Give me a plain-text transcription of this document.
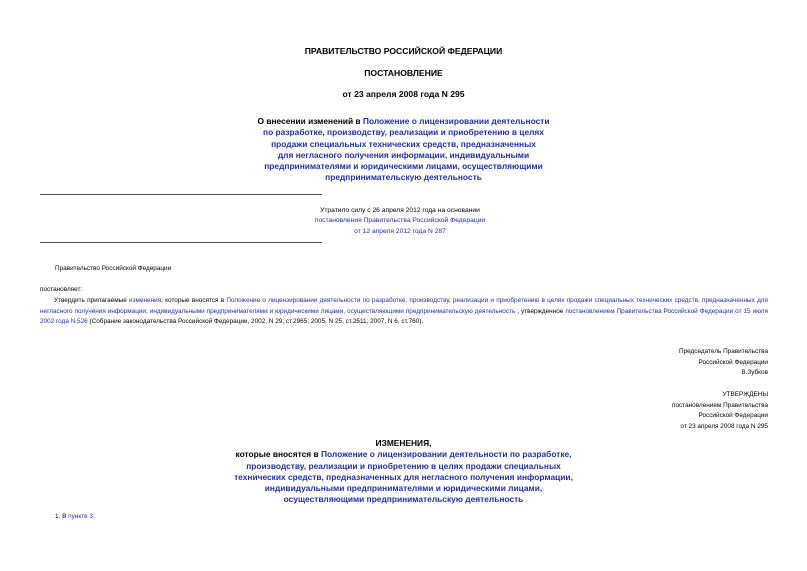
ПРАВИТЕЛЬСТВО РОССИЙСКОЙ ФЕДЕРАЦИИ
ПОСТАНОВЛЕНИЕ
от 23 апреля 2008 года N 295
О внесении изменений в Положение о лицензировании деятельности
по разработке, производству, реализации и приобретению в целях
продажи специальных технических средств, предназначенных
для негласного получения информации, индивидуальными
предпринимателями и юридическими лицами, осуществляющими
предпринимательскую деятельность
Утратило силу с 26 апреля 2012 года на основании
постановления Правительства Российской Федерации
от 12 апреля 2012 года N 287
Правительство Российской Федерации
постановляет:
Утвердить прилагаемые изменения, которые вносятся в Положение о лицензировании деятельности по разработке, производству, реализации и приобретению в целях продажи специальных технических средств, предназначенных для негласного получения информации, индивидуальными предпринимателями и юридическими лицами, осуществляющими предпринимательскую деятельность , утвержденное постановлением Правительства Российской Федерации от 15 июля 2002 года N 526 (Собрание законодательства Российской Федерации, 2002, N 29, ст.2965; 2005, N 25, ст.2511; 2007, N 6, ст.760).
Председатель Правительства
Российской Федерации
В.Зубков
УТВЕРЖДЕНЫ
постановлением Правительства
Российской Федерации
от 23 апреля 2008 года N 295
ИЗМЕНЕНИЯ,
которые вносятся в Положение о лицензировании деятельности по разработке,
производству, реализации и приобретению в целях продажи специальных
технических средств, предназначенных для негласного получения информации,
индивидуальными предпринимателями и юридическими лицами,
осуществляющими предпринимательскую деятельность
1. В пункте 3:
